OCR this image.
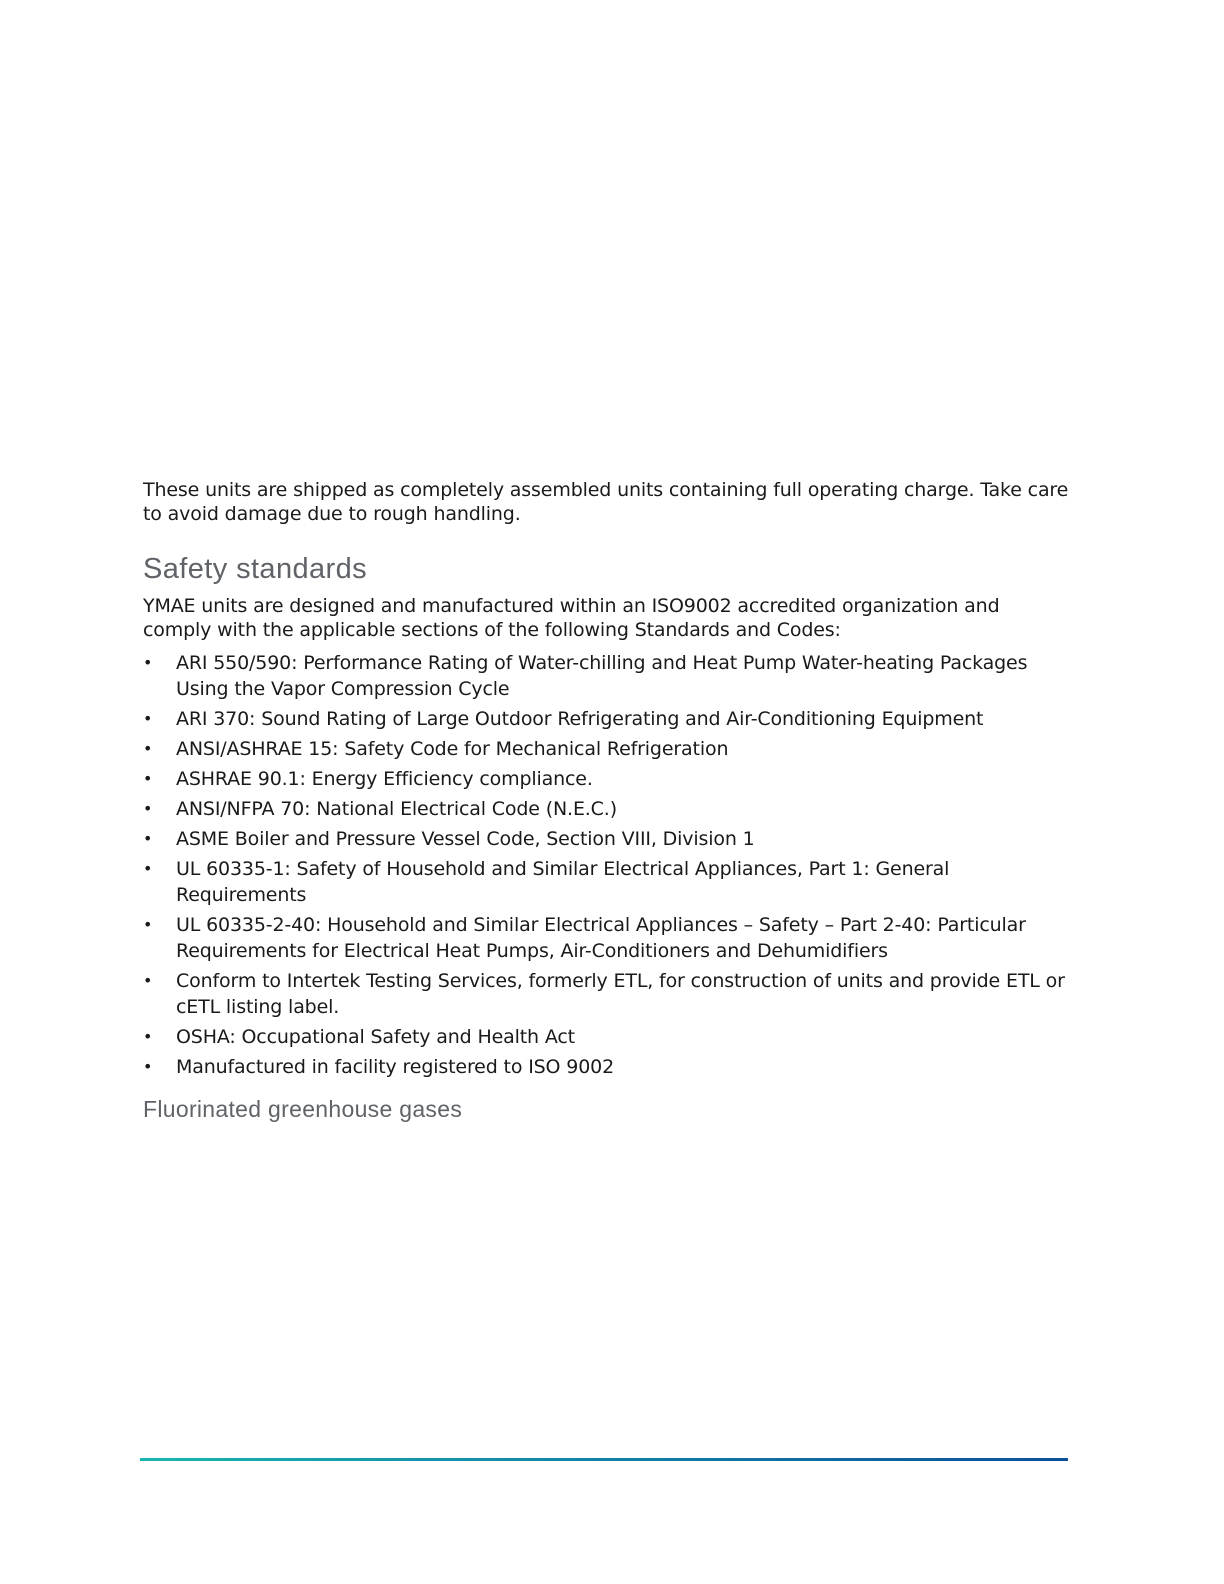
These units are shipped as completely assembled units containing full operating charge. Take care to avoid damage due to rough handling.

Safety standards

YMAE units are designed and manufactured within an ISO9002 accredited organization and comply with the applicable sections of the following Standards and Codes:

• ARI 550/590: Performance Rating of Water-chilling and Heat Pump Water-heating Packages Using the Vapor Compression Cycle
• ARI 370: Sound Rating of Large Outdoor Refrigerating and Air-Conditioning Equipment
• ANSI/ASHRAE 15: Safety Code for Mechanical Refrigeration
• ASHRAE 90.1: Energy Efficiency compliance.
• ANSI/NFPA 70: National Electrical Code (N.E.C.)
• ASME Boiler and Pressure Vessel Code, Section VIII, Division 1
• UL 60335-1: Safety of Household and Similar Electrical Appliances, Part 1: General Requirements
• UL 60335-2-40: Household and Similar Electrical Appliances – Safety – Part 2-40: Particular Requirements for Electrical Heat Pumps, Air-Conditioners and Dehumidifiers
• Conform to Intertek Testing Services, formerly ETL, for construction of units and provide ETL or cETL listing label.
• OSHA: Occupational Safety and Health Act
• Manufactured in facility registered to ISO 9002
Fluorinated greenhouse gases
